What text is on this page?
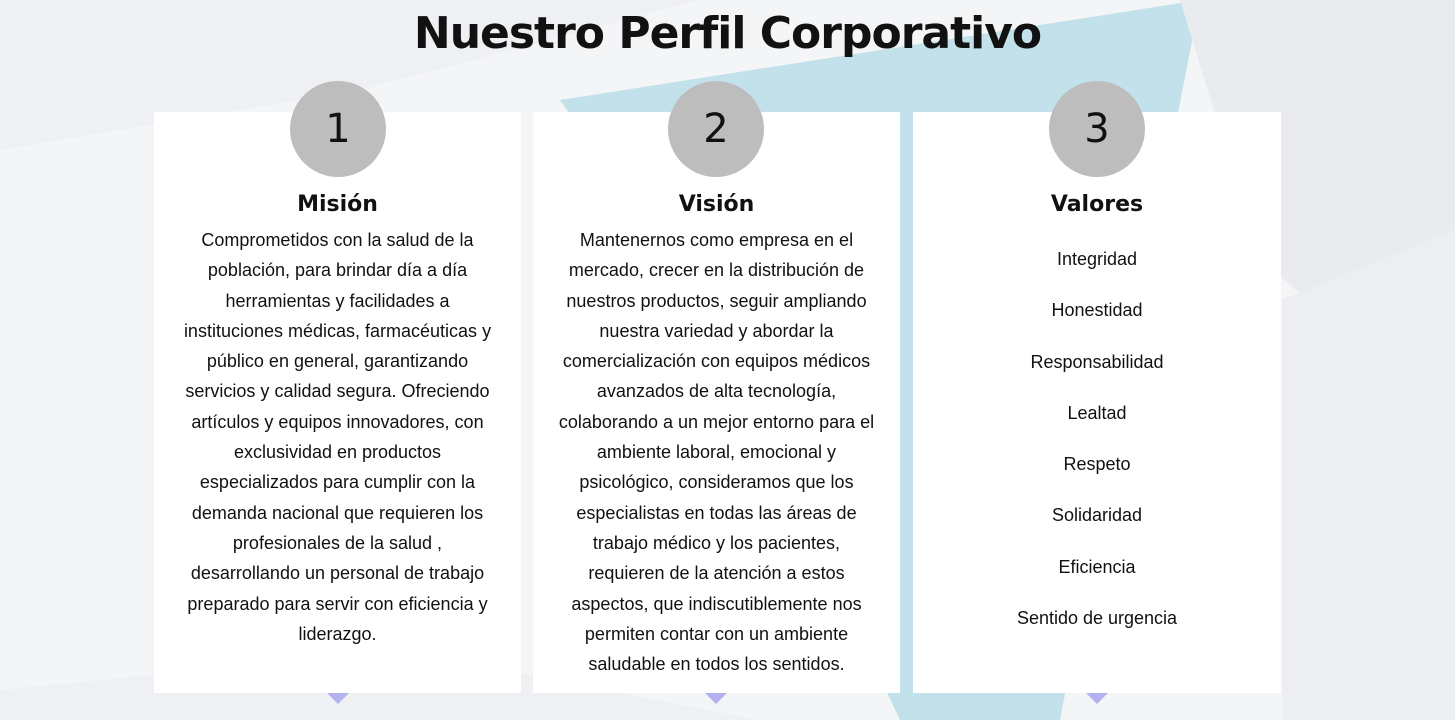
Nuestro Perfil Corporativo
Misión

Comprometidos con la salud de la población, para brindar día a día herramientas y facilidades a instituciones médicas, farmacéuticas y público en general, garantizando servicios y calidad segura. Ofreciendo artículos y equipos innovadores, con exclusividad en productos especializados para cumplir con la demanda nacional que requieren los profesionales de la salud , desarrollando un personal de trabajo preparado para servir con eficiencia y liderazgo.

1
Visión

Mantenernos como empresa en el mercado, crecer en la distribución de nuestros productos, seguir ampliando nuestra variedad y abordar la comercialización con equipos médicos avanzados de alta tecnología, colaborando a un mejor entorno para el ambiente laboral, emocional y psicológico, consideramos que los especialistas en todas las áreas de trabajo médico y los pacientes, requieren de la atención a estos aspectos, que indiscutiblemente nos permiten contar con un ambiente saludable en todos los sentidos.

2
Valores
Integridad
Honestidad
Responsabilidad
Lealtad
Respeto
Solidaridad
Eficiencia
Sentido de urgencia
3
